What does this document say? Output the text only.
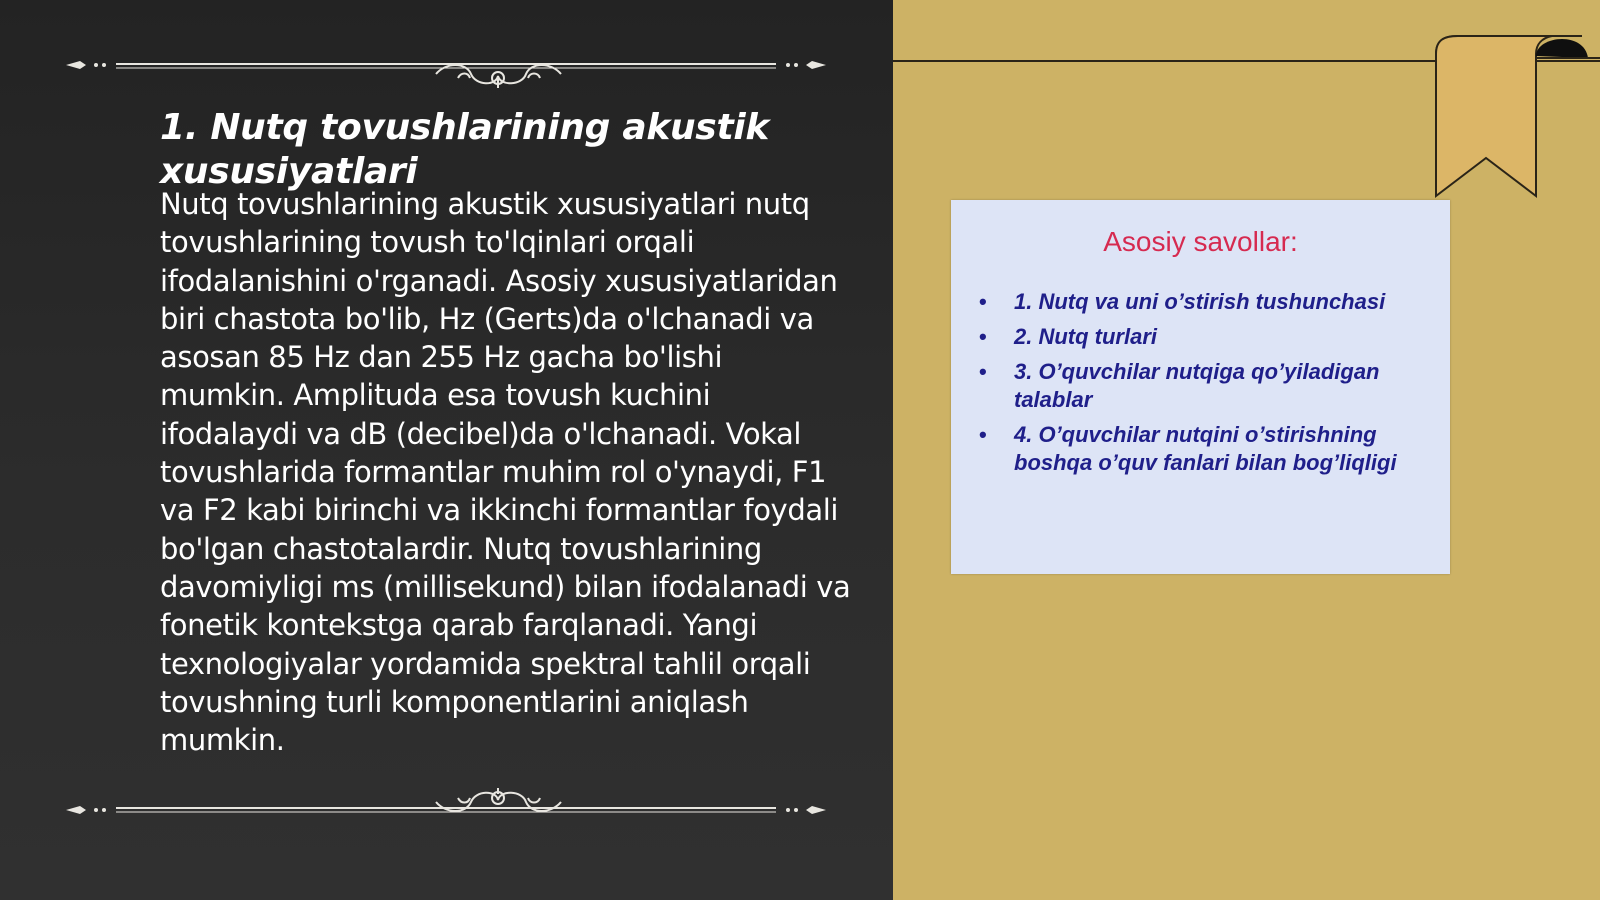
1. Nutq tovushlarining akustik xususiyatlari

Nutq tovushlarining akustik xususiyatlari nutq tovushlarining tovush to'lqinlari orqali ifodalanishini o'rganadi. Asosiy xususiyatlaridan biri chastota bo'lib, Hz (Gerts)da o'lchanadi va asosan 85 Hz dan 255 Hz gacha bo'lishi mumkin. Amplituda esa tovush kuchini ifodalaydi va dB (decibel)da o'lchanadi. Vokal tovushlarida formantlar muhim rol o'ynaydi, F1 va F2 kabi birinchi va ikkinchi formantlar foydali bo'lgan chastotalardir. Nutq tovushlarining davomiyligi ms (millisekund) bilan ifodalanadi va fonetik kontekstga qarab farqlanadi. Yangi texnologiyalar yordamida spektral tahlil orqali tovushning turli komponentlarini aniqlash mumkin.

Asosiy savollar:
•	1. Nutq va uni o’stirish tushunchasi
•	2. Nutq turlari
•	3. O’quvchilar nutqiga qo’yiladigan talablar
•	4. O’quvchilar nutqini o’stirishning boshqa o’quv fanlari bilan bog’liqligi
